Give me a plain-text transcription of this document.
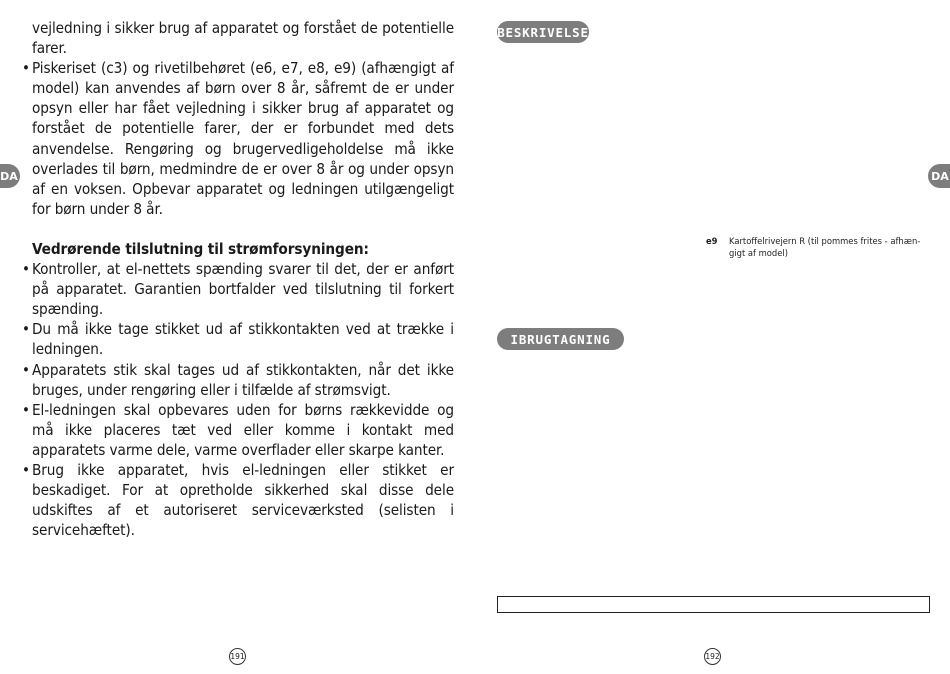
DA	DA

vejledning i sikker brug af apparatet og forstået de potentielle farer.

• Piskeriset (c3) og rivetilbehøret (e6, e7, e8, e9) (afhængigt af model) kan anvendes af børn over 8 år, såfremt de er under opsyn eller har fået vejledning i sikker brug af apparatet og forstået de potentielle farer, der er forbundet med dets anvendelse. Rengøring og brugervedligeholdelse må ikke overlades til børn, medmindre de er over 8 år og under opsyn af en voksen. Opbevar apparatet og ledningen utilgængeligt for børn under 8 år.

Vedrørende tilslutning til strømforsyningen:

• Kontroller, at el-nettets spænding svarer til det, der er anført på apparatet. Garantien bortfalder ved tilslutning til forkert spænding.
• Du må ikke tage stikket ud af stikkontakten ved at trække i ledningen.
• Apparatets stik skal tages ud af stikkontakten, når det ikke bruges, under rengøring eller i tilfælde af strømsvigt.
• El-ledningen skal opbevares uden for børns rækkevidde og må ikke placeres tæt ved eller komme i kontakt med apparatets varme dele, varme overflader eller skarpe kanter.
• Brug ikke apparatet, hvis el-ledningen eller stikket er beskadiget. For at opretholde sikkerhed skal disse dele udskiftes af et autoriseret serviceværksted (selisten i servicehæftet).
BESKRIVELSE
e9 Kartoffelrivejern R (til pommes frites - afhæn-gigt af model)
IBRUGTAGNING
191	192
